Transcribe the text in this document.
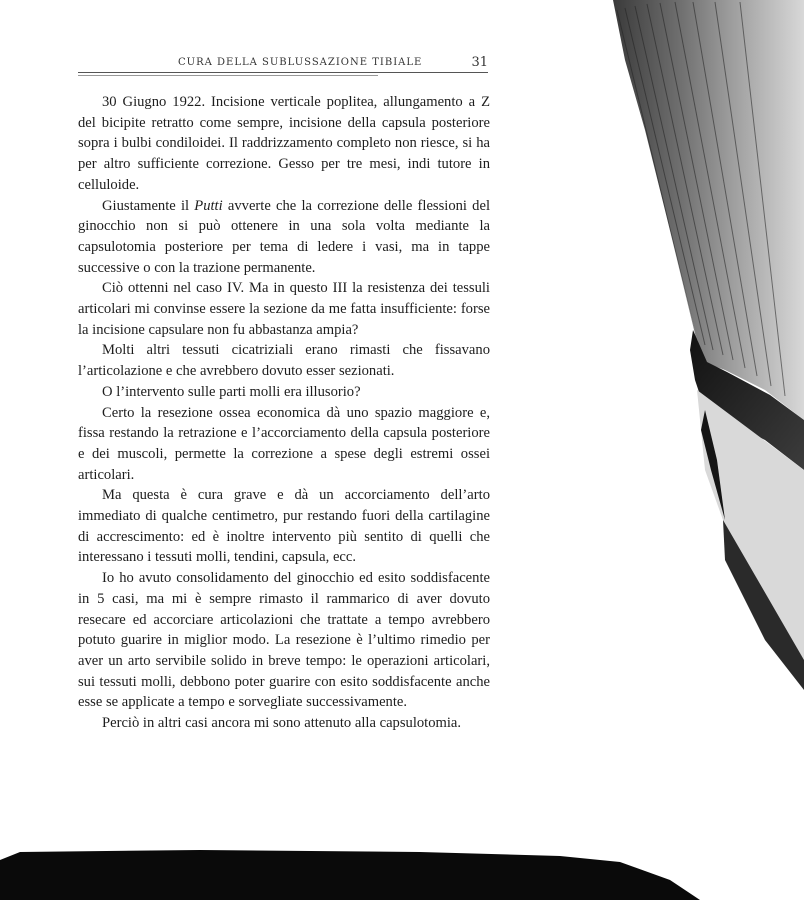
CURA DELLA SUBLUSSAZIONE TIBIALE	31

30 Giugno 1922. Incisione verticale poplitea, allungamento a Z del bicipite retratto come sempre, incisione della capsula posteriore sopra i bulbi condiloidei. Il raddrizzamento completo non riesce, si ha per altro sufficiente correzione. Gesso per tre mesi, indi tutore in celluloide.

Giustamente il Putti avverte che la correzione delle flessioni del ginocchio non si può ottenere in una sola volta mediante la capsulotomia posteriore per tema di ledere i vasi, ma in tappe successive o con la trazione permanente.

Ciò ottenni nel caso IV. Ma in questo III la resistenza dei tessuli articolari mi convinse essere la sezione da me fatta insufficiente: forse la incisione capsulare non fu abbastanza ampia?

Molti altri tessuti cicatriziali erano rimasti che fissavano l’articolazione e che avrebbero dovuto esser sezionati.

O l’intervento sulle parti molli era illusorio?

Certo la resezione ossea economica dà uno spazio maggiore e, fissa restando la retrazione e l’accorciamento della capsula posteriore e dei muscoli, permette la correzione a spese degli estremi ossei articolari.

Ma questa è cura grave e dà un accorciamento dell’arto immediato di qualche centimetro, pur restando fuori della cartilagine di accrescimento: ed è inoltre intervento più sentito di quelli che interessano i tessuti molli, tendini, capsula, ecc.

Io ho avuto consolidamento del ginocchio ed esito soddisfacente in 5 casi, ma mi è sempre rimasto il rammarico di aver dovuto resecare ed accorciare articolazioni che trattate a tempo avrebbero potuto guarire in miglior modo. La resezione è l’ultimo rimedio per aver un arto servibile solido in breve tempo: le operazioni articolari, sui tessuti molli, debbono poter guarire con esito soddisfacente anche esse se applicate a tempo e sorvegliate successivamente.

Perciò in altri casi ancora mi sono attenuto alla capsulotomia.
